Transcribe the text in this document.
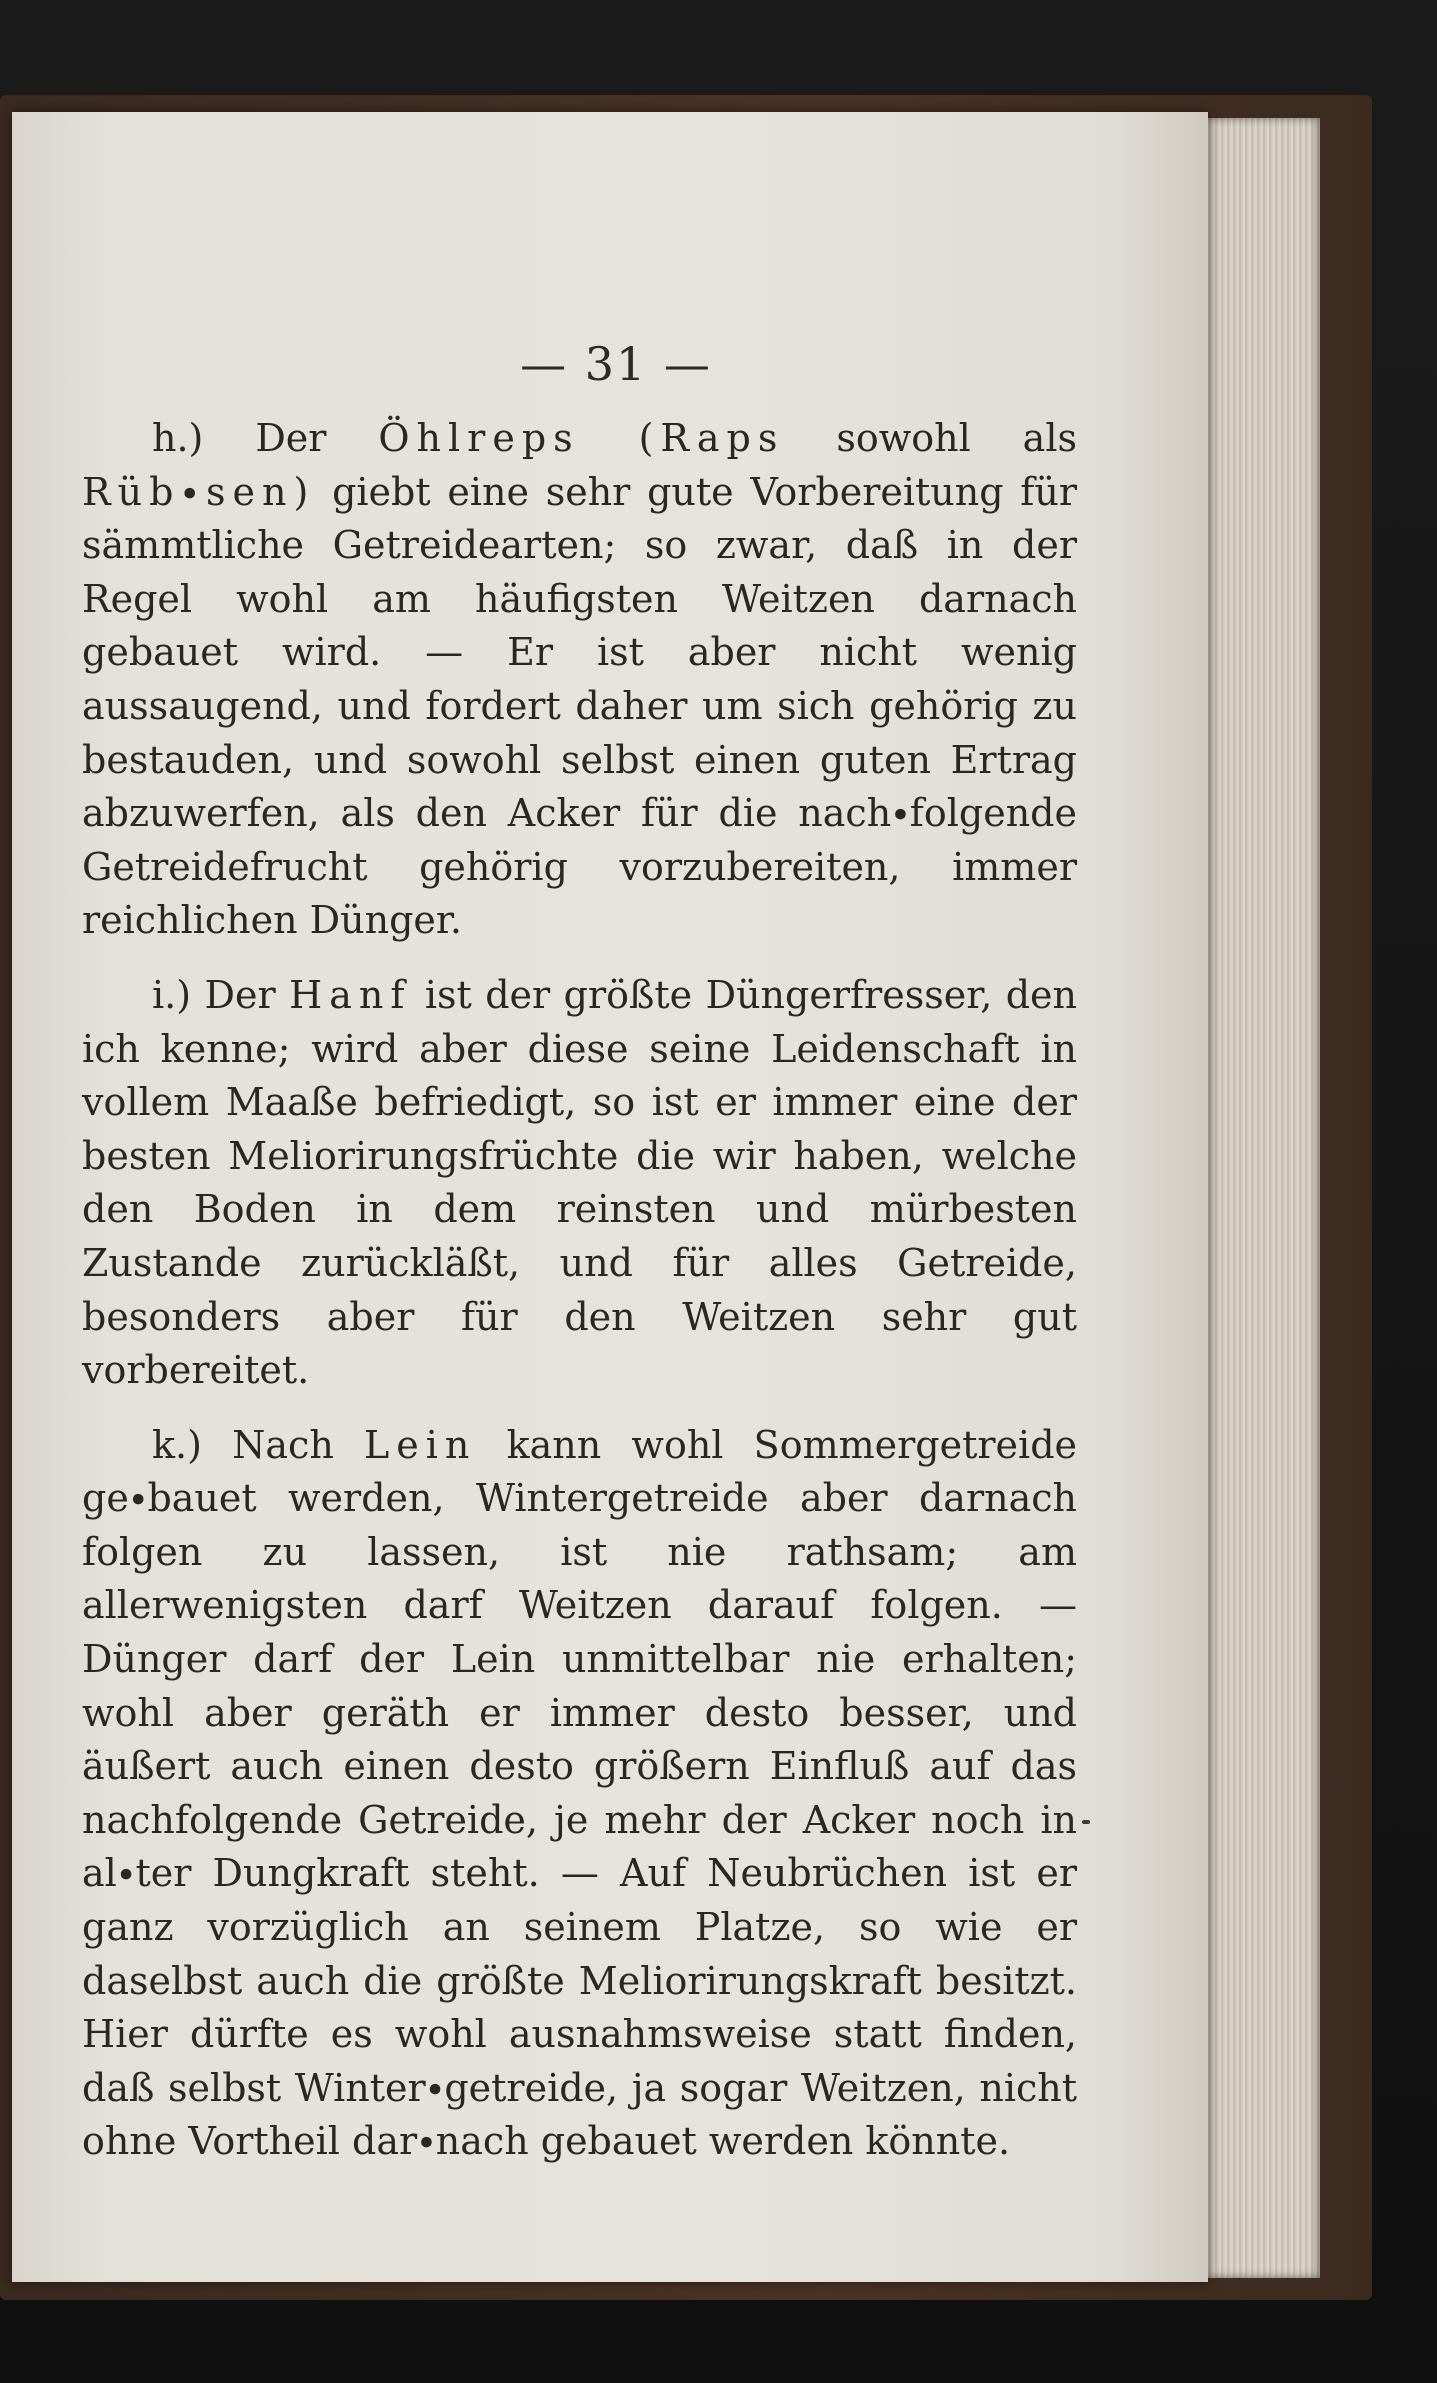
— 31 —

h.) Der Öhlreps (Raps sowohl als Rüb∙sen) giebt eine sehr gute Vorbereitung für sämmtliche Getreidearten; so zwar, daß in der Regel wohl am häufigsten Weitzen darnach gebauet wird. — Er ist aber nicht wenig aussaugend, und fordert daher um sich gehörig zu bestauden, und sowohl selbst einen guten Ertrag abzuwerfen, als den Acker für die nach∙folgende Getreidefrucht gehörig vorzubereiten, immer reichlichen Dünger.

i.) Der Hanf ist der größte Düngerfresser, den ich kenne; wird aber diese seine Leidenschaft in vollem Maaße befriedigt, so ist er immer eine der besten Meliorirungsfrüchte die wir haben, welche den Boden in dem reinsten und mürbesten Zustande zurückläßt, und für alles Getreide, besonders aber für den Weitzen sehr gut vorbereitet.

k.) Nach Lein kann wohl Sommergetreide ge∙bauet werden, Wintergetreide aber darnach folgen zu lassen, ist nie rathsam; am allerwenigsten darf Weitzen darauf folgen. — Dünger darf der Lein unmittelbar nie erhalten; wohl aber geräth er immer desto besser, und äußert auch einen desto größern Einfluß auf das nachfolgende Getreide, je mehr der Acker noch in al∙ter Dungkraft steht. — Auf Neubrüchen ist er ganz vorzüglich an seinem Platze, so wie er daselbst auch die größte Meliorirungskraft besitzt. Hier dürfte es wohl ausnahmsweise statt finden, daß selbst Winter∙getreide, ja sogar Weitzen, nicht ohne Vortheil dar∙nach gebauet werden könnte.
